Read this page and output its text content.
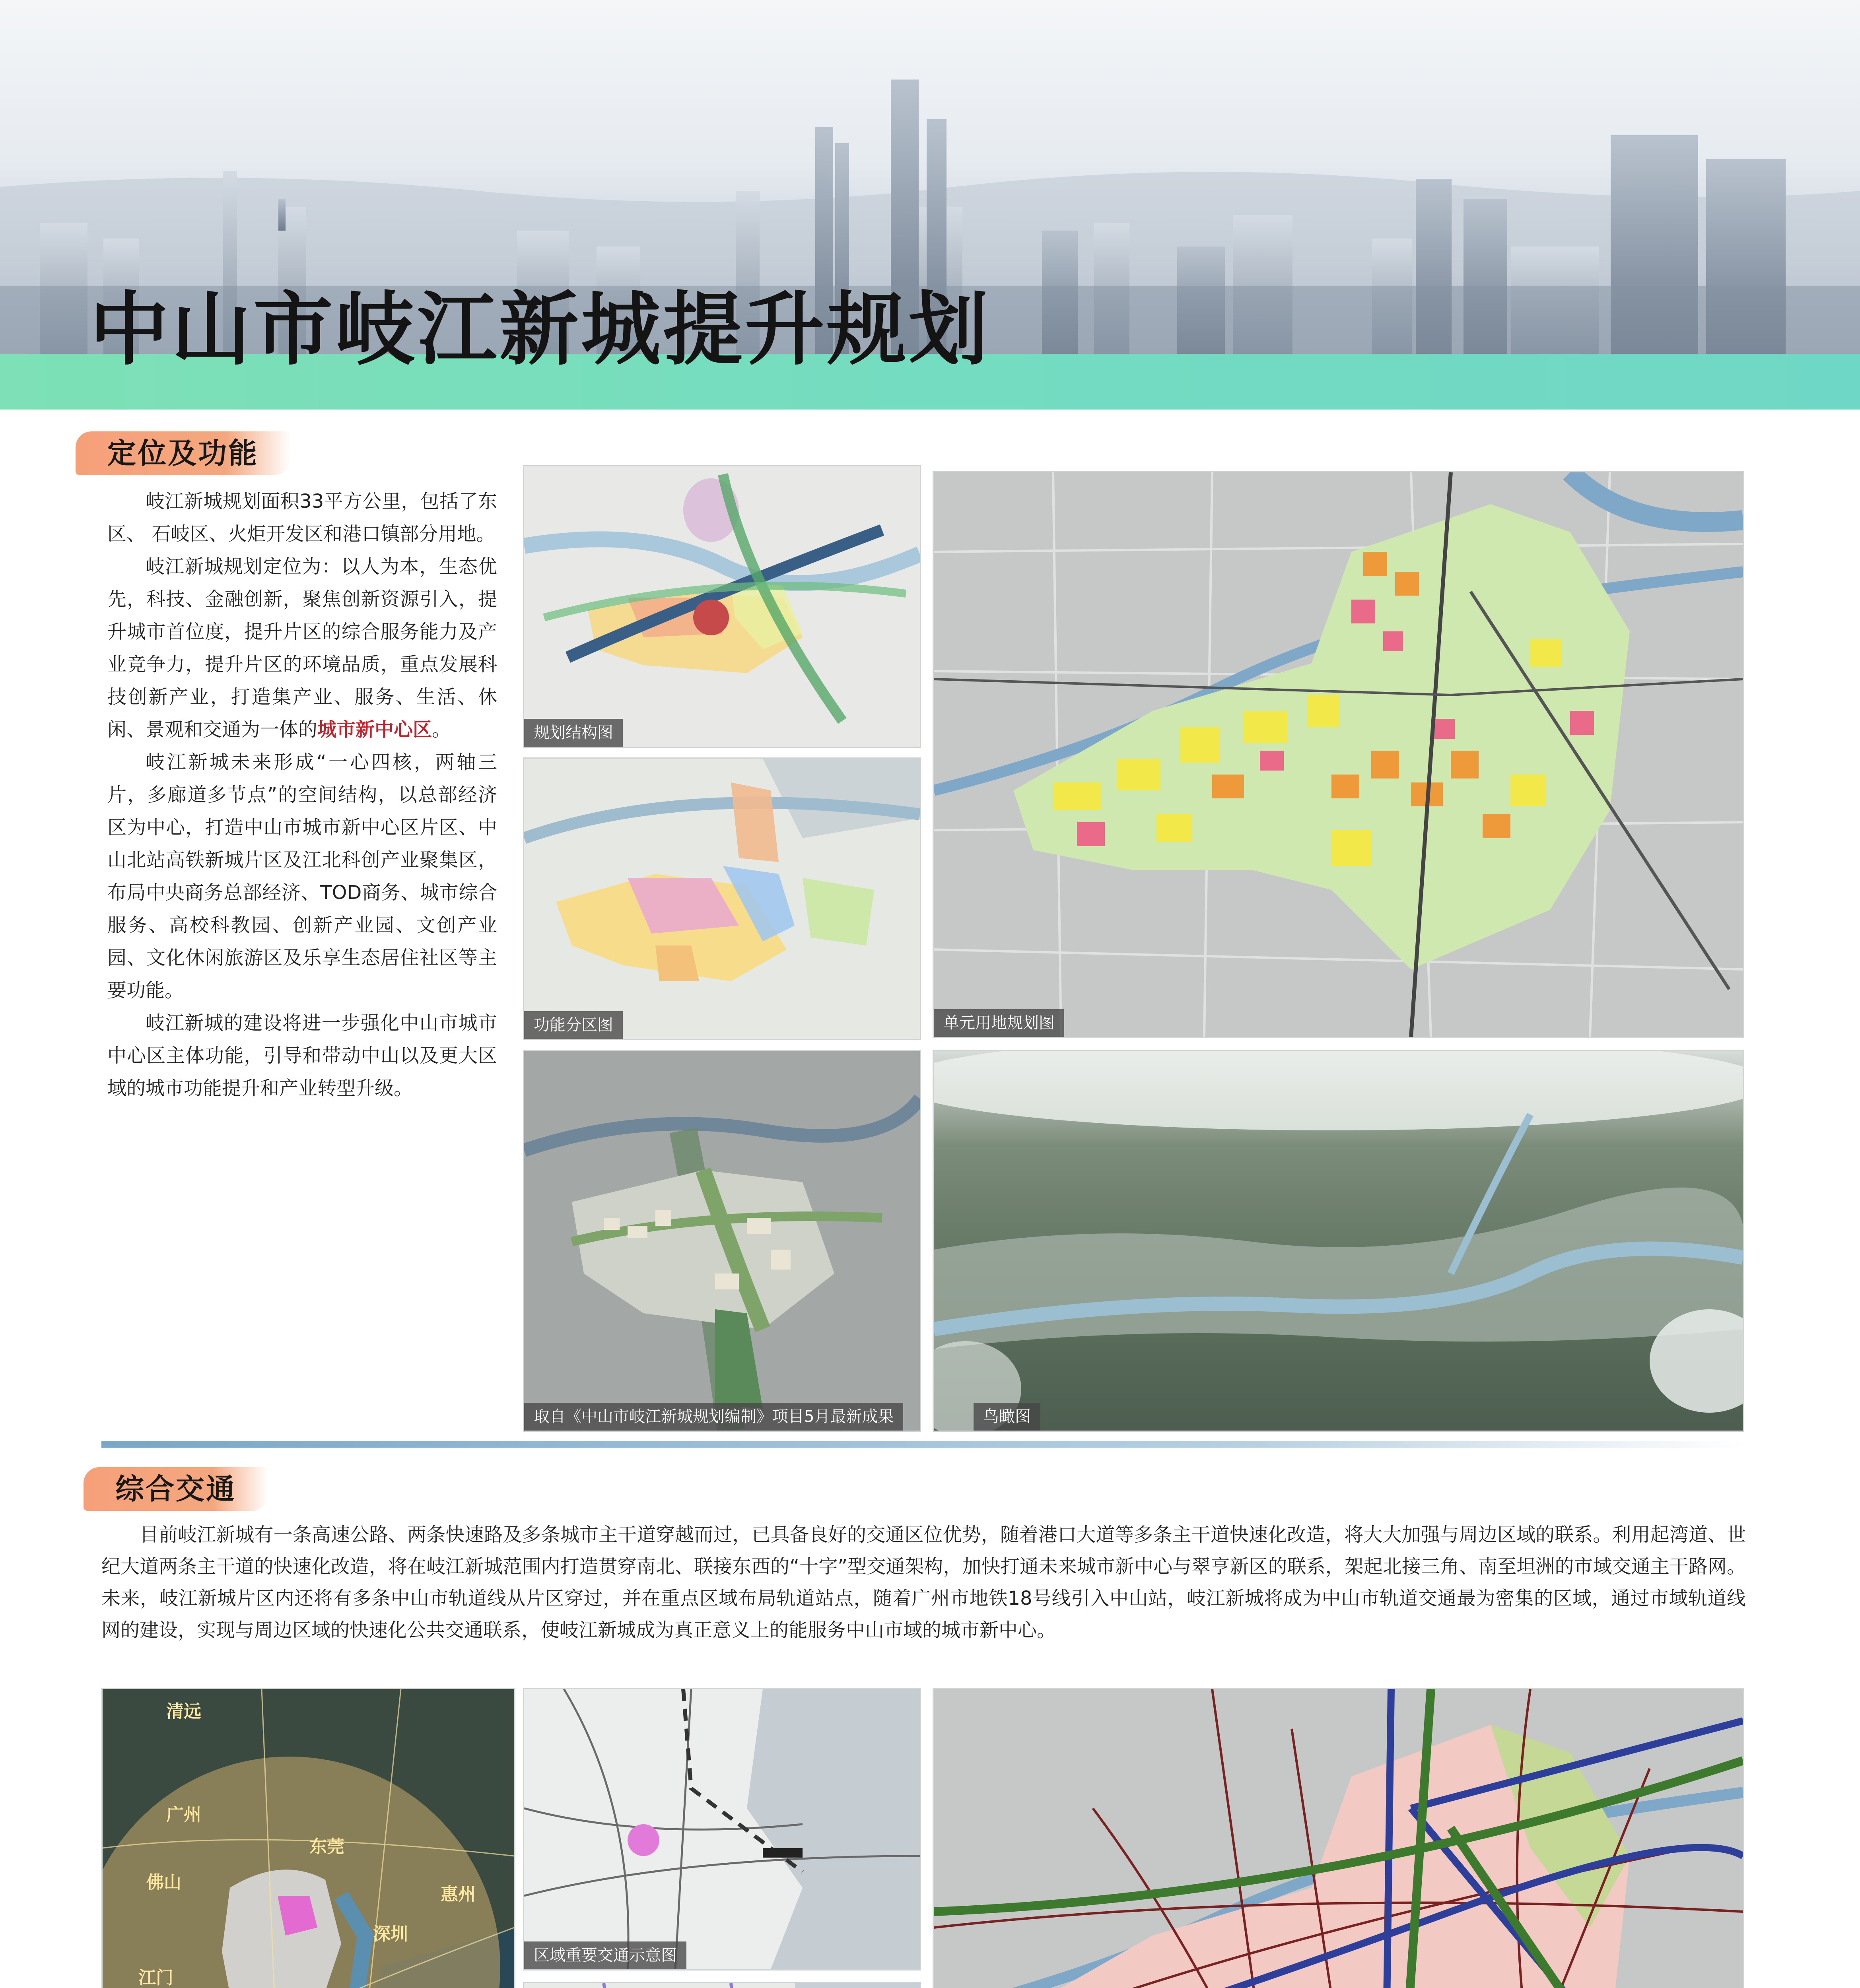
中山市岐江新城提升规划
定位及功能

岐江新城规划面积33平方公里，包括了东区、 石岐区、火炬开发区和港口镇部分用地。

岐江新城规划定位为：以人为本，生态优先，科技、金融创新，聚焦创新资源引入，提升城市首位度，提升片区的综合服务能力及产业竞争力，提升片区的环境品质，重点发展科技创新产业，打造集产业、服务、生活、休闲、景观和交通为一体的城市新中心区。

岐江新城未来形成“一心四核，两轴三片，多廊道多节点”的空间结构，以总部经济区为中心，打造中山市城市新中心区片区、中山北站高铁新城片区及江北科创产业聚集区，布局中央商务总部经济、TOD商务、城市综合服务、高校科教园、创新产业园、文创产业园、文化休闲旅游区及乐享生态居住社区等主要功能。

岐江新城的建设将进一步强化中山市城市中心区主体功能，引导和带动中山以及更大区域的城市功能提升和产业转型升级。

规划结构图
功能分区图
取自《中山市岐江新城规划编制》项目5月最新成果
单元用地规划图
鸟瞰图
综合交通

目前岐江新城有一条高速公路、两条快速路及多条城市主干道穿越而过，已具备良好的交通区位优势，随着港口大道等多条主干道快速化改造，将大大加强与周边区域的联系。利用起湾道、世纪大道两条主干道的快速化改造，将在岐江新城范围内打造贯穿南北、联接东西的“十字”型交通架构，加快打通未来城市新中心与翠亨新区的联系，架起北接三角、南至坦洲的市域交通主干路网。未来，岐江新城片区内还将有多条中山市轨道线从片区穿过，并在重点区域布局轨道站点，随着广州市地铁18号线引入中山站，岐江新城将成为中山市轨道交通最为密集的区域，通过市域轨道线网的建设，实现与周边区域的快速化公共交通联系，使岐江新城成为真正意义上的能服务中山市域的城市新中心。

清远
广州
东莞
惠州
佛山
深圳
江门
区域重要交通示意图
